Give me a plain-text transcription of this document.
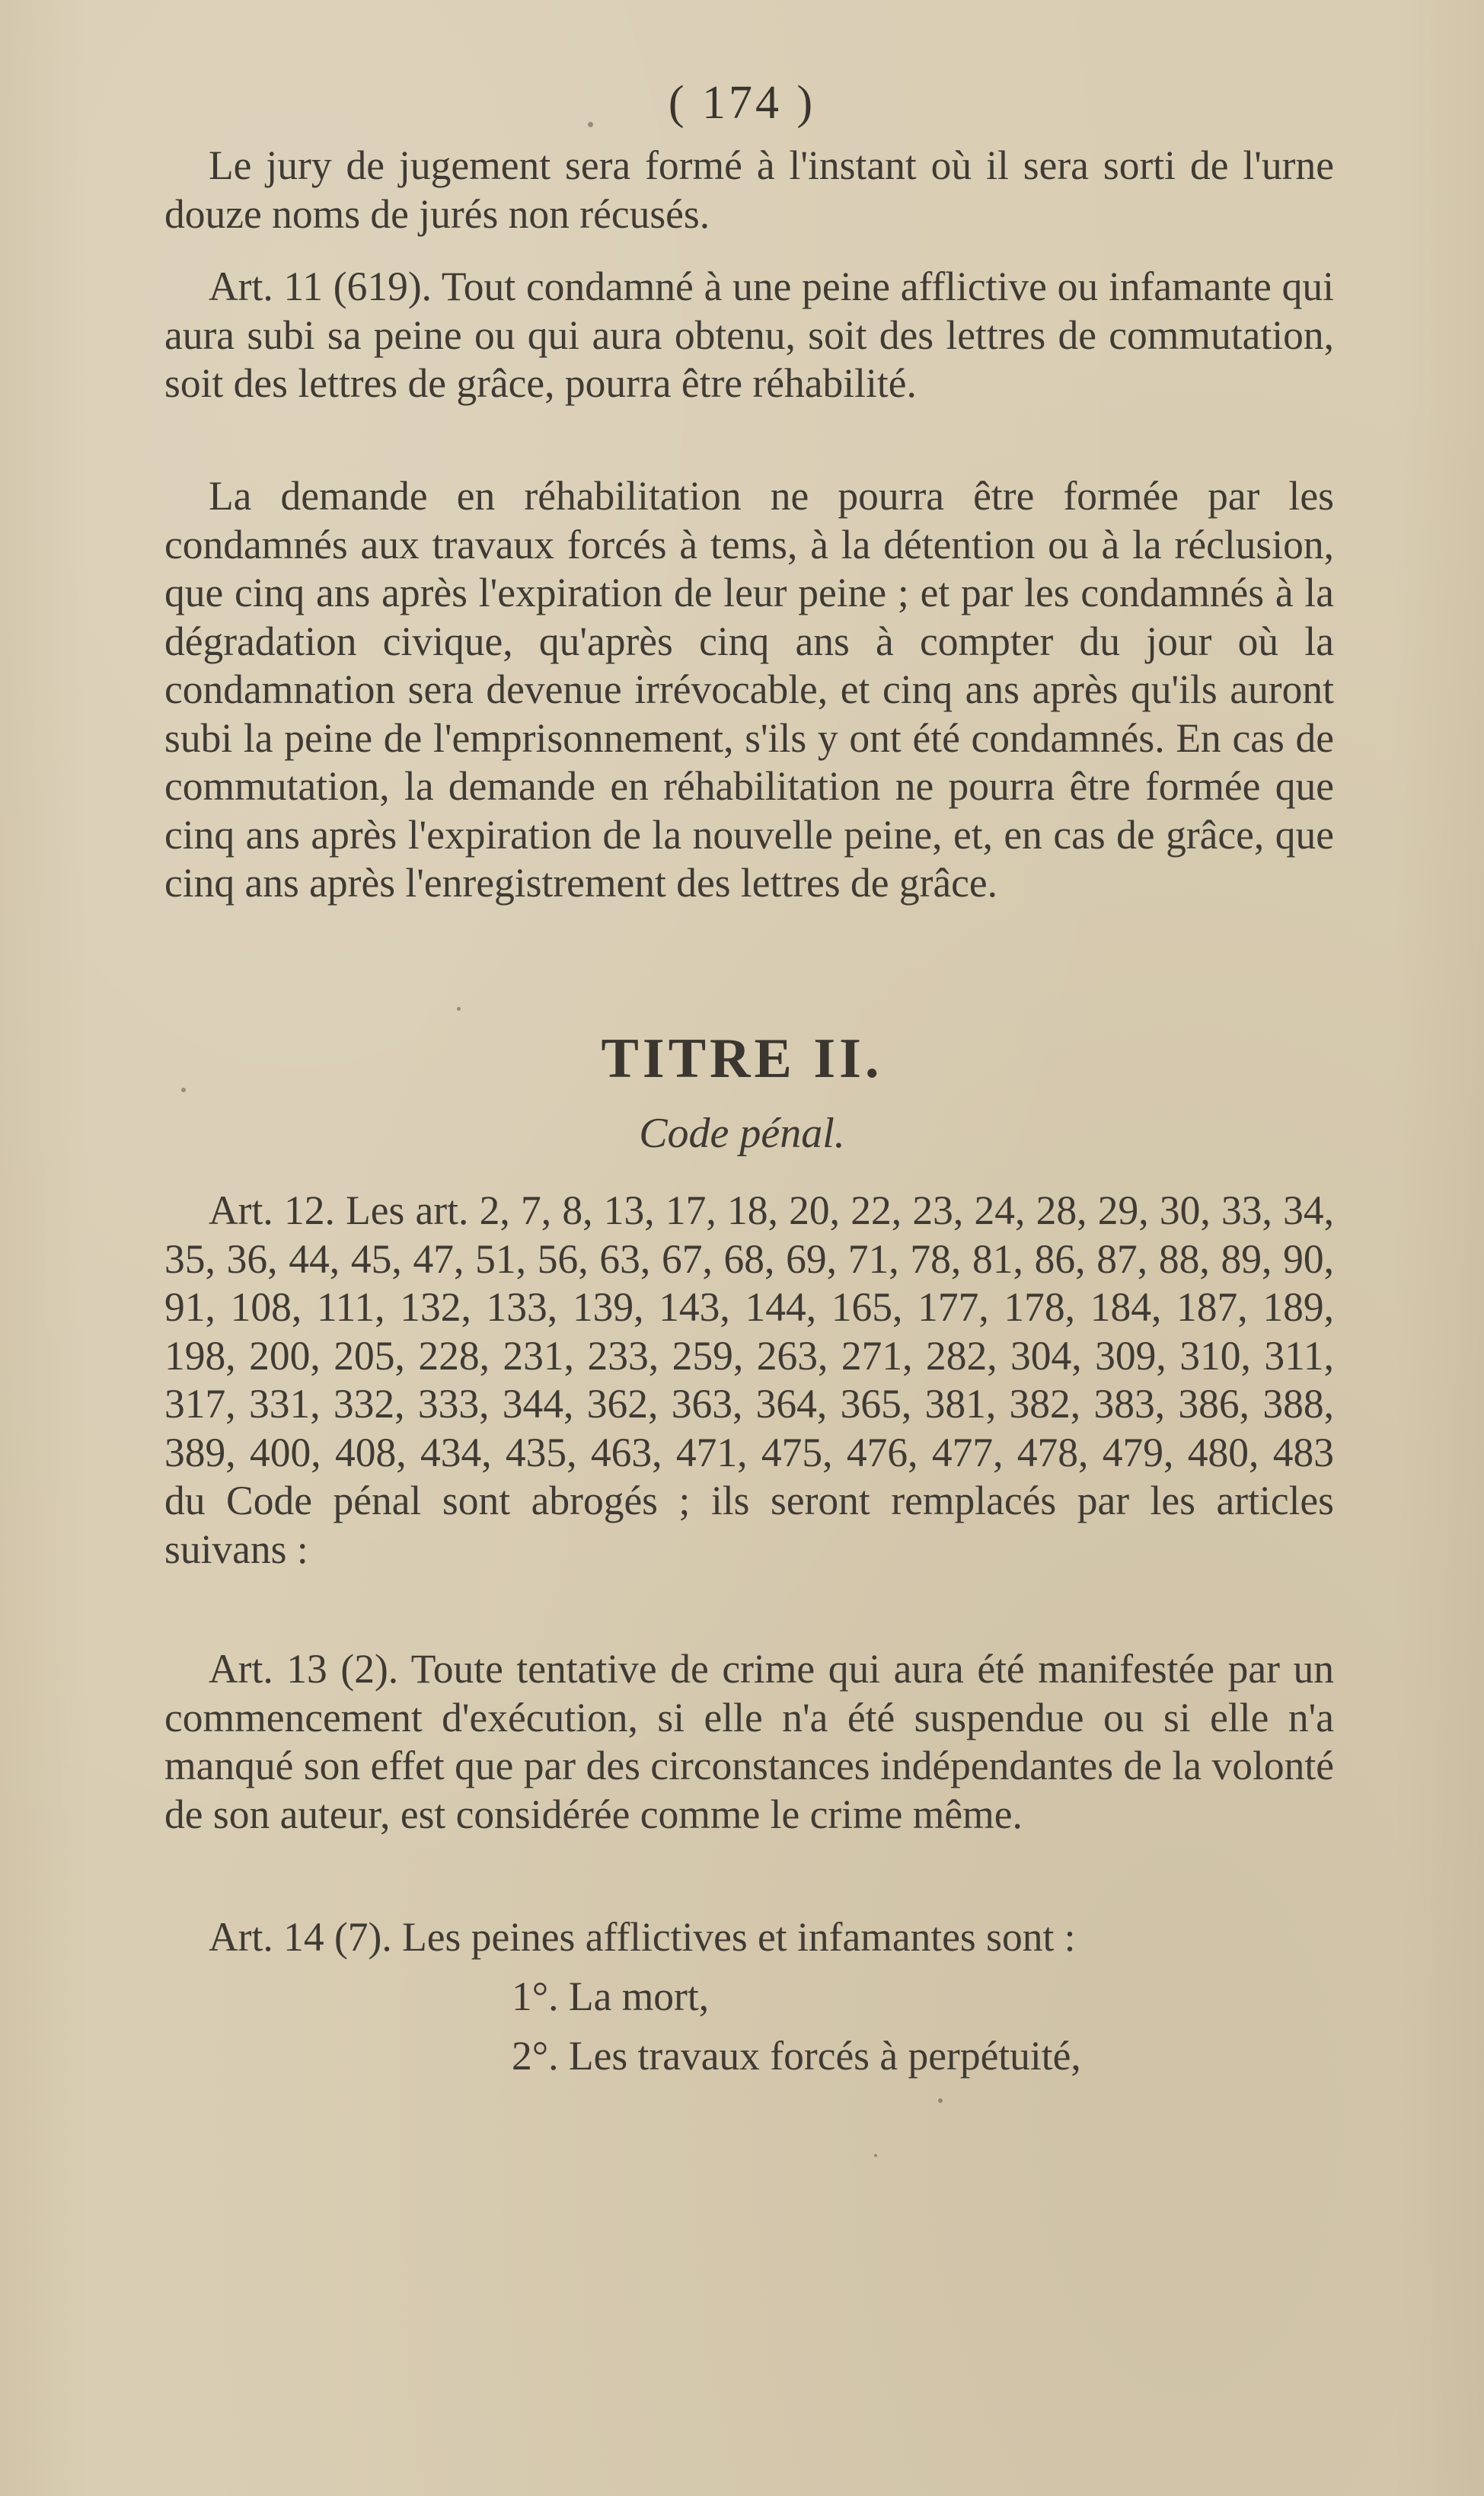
( 174 )

Le jury de jugement sera formé à l'instant où il sera sorti de l'urne douze noms de jurés non récusés.

Art. 11 (619). Tout condamné à une peine afflictive ou infamante qui aura subi sa peine ou qui aura obtenu, soit des lettres de commutation, soit des lettres de grâce, pourra être réhabilité.

La demande en réhabilitation ne pourra être formée par les condamnés aux travaux forcés à tems, à la détention ou à la réclusion, que cinq ans après l'expiration de leur peine ; et par les condamnés à la dégradation civique, qu'après cinq ans à compter du jour où la condamnation sera devenue irrévocable, et cinq ans après qu'ils auront subi la peine de l'emprisonnement, s'ils y ont été condamnés. En cas de commutation, la demande en réhabilitation ne pourra être formée que cinq ans après l'expiration de la nouvelle peine, et, en cas de grâce, que cinq ans après l'enregistrement des lettres de grâce.

TITRE II.
Code pénal.

Art. 12. Les art. 2, 7, 8, 13, 17, 18, 20, 22, 23, 24, 28, 29, 30, 33, 34, 35, 36, 44, 45, 47, 51, 56, 63, 67, 68, 69, 71, 78, 81, 86, 87, 88, 89, 90, 91, 108, 111, 132, 133, 139, 143, 144, 165, 177, 178, 184, 187, 189, 198, 200, 205, 228, 231, 233, 259, 263, 271, 282, 304, 309, 310, 311, 317, 331, 332, 333, 344, 362, 363, 364, 365, 381, 382, 383, 386, 388, 389, 400, 408, 434, 435, 463, 471, 475, 476, 477, 478, 479, 480, 483 du Code pénal sont abrogés ; ils seront remplacés par les articles suivans :

Art. 13 (2). Toute tentative de crime qui aura été manifestée par un commencement d'exécution, si elle n'a été suspendue ou si elle n'a manqué son effet que par des circonstances indépendantes de la volonté de son auteur, est considérée comme le crime même.

Art. 14 (7). Les peines afflictives et infamantes sont :

1°. La mort,
2°. Les travaux forcés à perpétuité,
